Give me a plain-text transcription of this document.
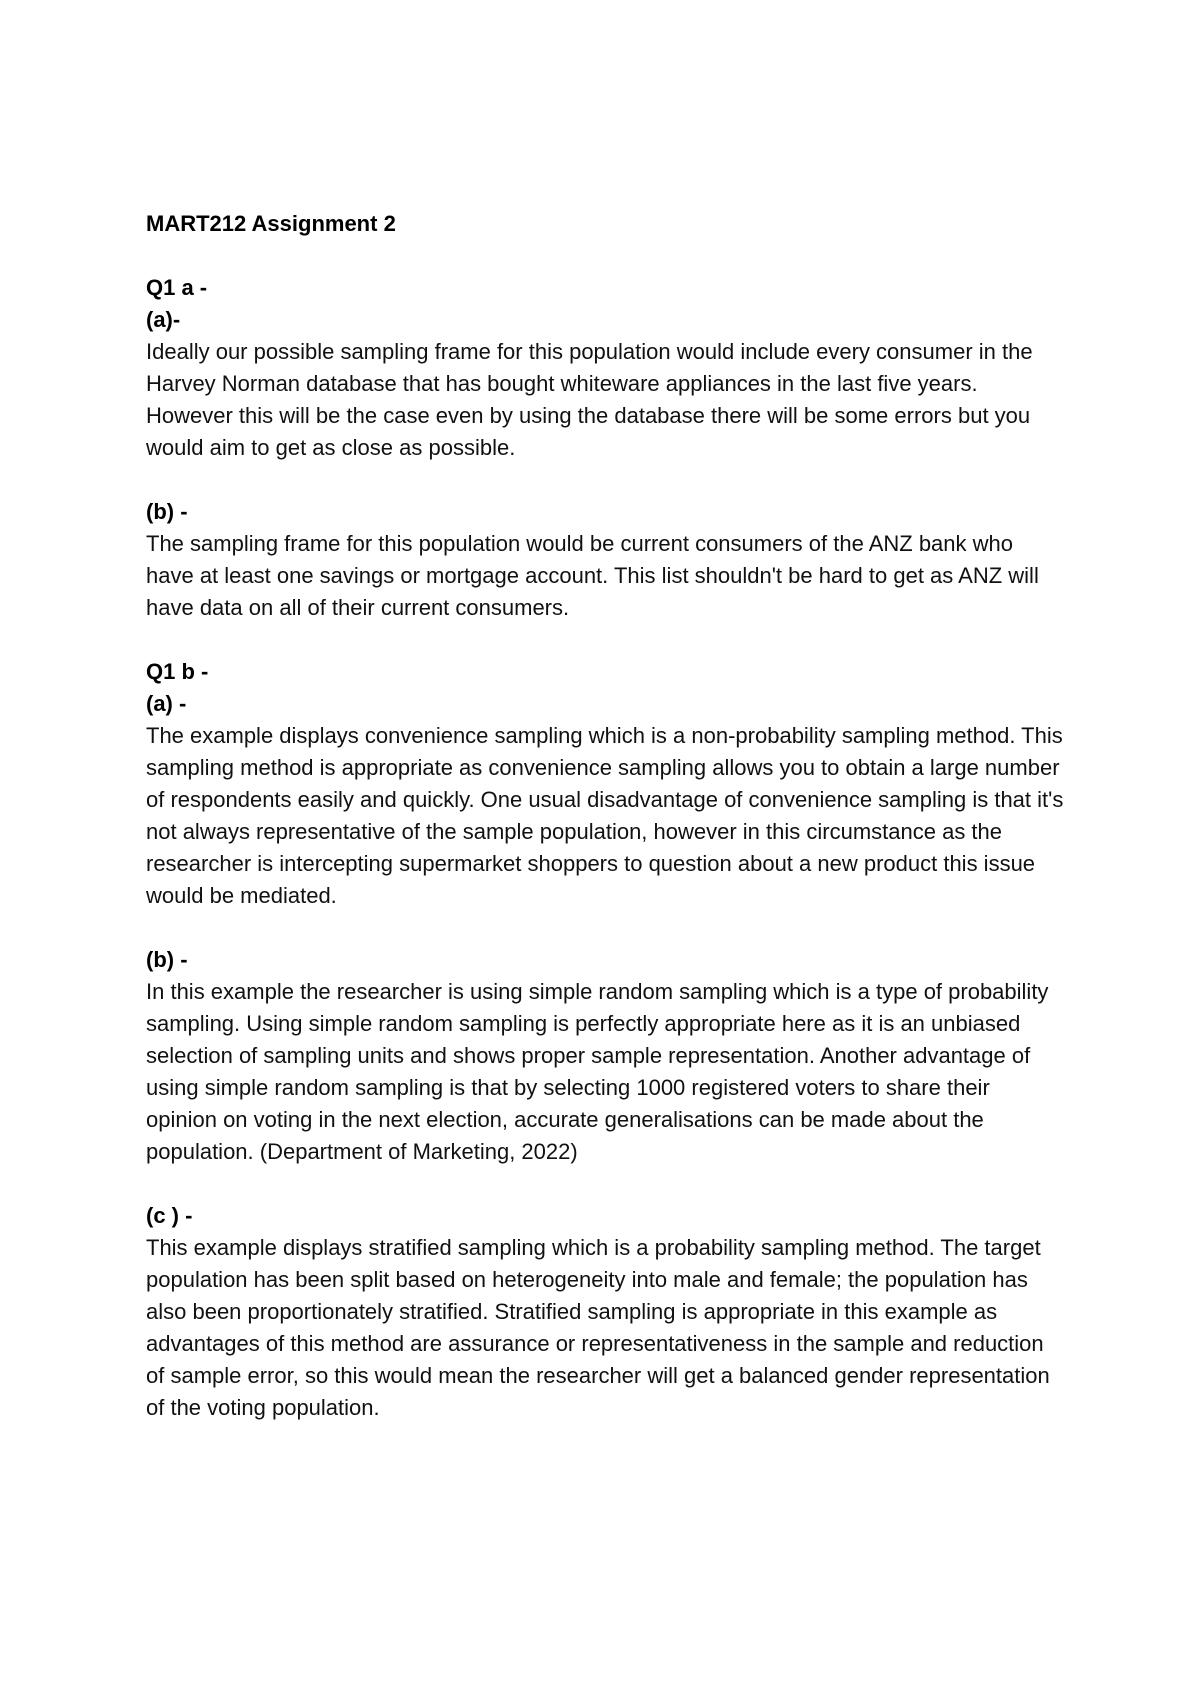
MART212 Assignment 2
Q1 a -
(a)-

Ideally our possible sampling frame for this population would include every consumer in the Harvey Norman database that has bought whiteware appliances in the last five years. However this will be the case even by using the database there will be some errors but you would aim to get as close as possible.

(b) -

The sampling frame for this population would be current consumers of the ANZ bank who have at least one savings or mortgage account. This list shouldn't be hard to get as ANZ will have data on all of their current consumers.

Q1 b -
(a) -

The example displays convenience sampling which is a non-probability sampling method. This sampling method is appropriate as convenience sampling allows you to obtain a large number of respondents easily and quickly. One usual disadvantage of convenience sampling is that it's not always representative of the sample population, however in this circumstance as the researcher is intercepting supermarket shoppers to question about a new product this issue would be mediated.

(b) -

In this example the researcher is using simple random sampling which is a type of probability sampling. Using simple random sampling is perfectly appropriate here as it is an unbiased selection of sampling units and shows proper sample representation. Another advantage of using simple random sampling is that by selecting 1000 registered voters to share their opinion on voting in the next election, accurate generalisations can be made about the population. (Department of Marketing, 2022)

(c ) -

This example displays stratified sampling which is a probability sampling method. The target population has been split based on heterogeneity into male and female; the population has also been proportionately stratified. Stratified sampling is appropriate in this example as advantages of this method are assurance or representativeness in the sample and reduction of sample error, so this would mean the researcher will get a balanced gender representation of the voting population.
